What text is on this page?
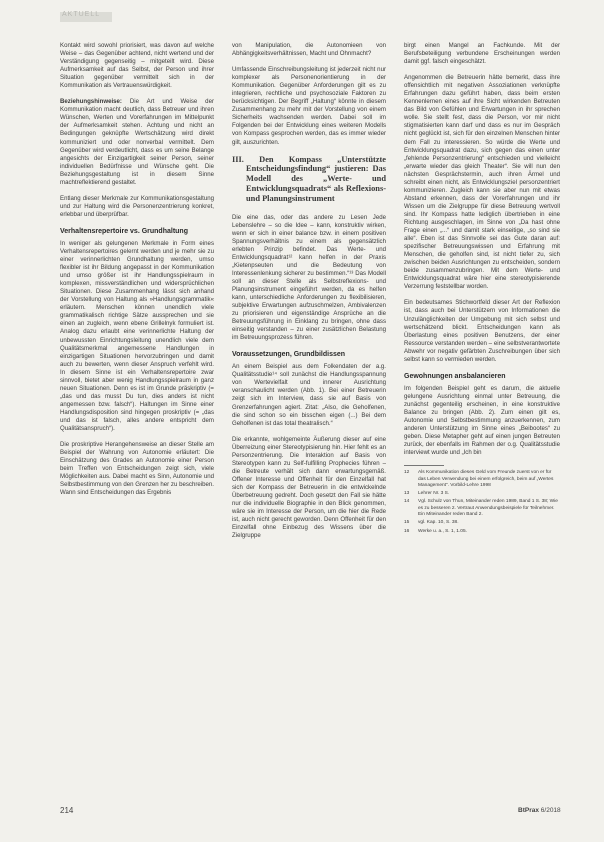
AKTUELL

Kontakt wird sowohl priorisiert, was davon auf welche Weise – das Gegenüber achtend, nicht wertend und der Verständigung gegenseitig – mitgeteilt wird. Diese Aufmerksamkeit auf das Selbst, der Person und ihrer Situation gegenüber vermittelt sich in der Kommunikation als Vertrauenswürdigkeit.

Beziehungshinweise: Die Art und Weise der Kommunikation macht deutlich, dass Betreuer und ihren Wünschen, Werten und Vorerfahrungen im Mittelpunkt der Aufmerksamkeit stehen. Achtung und nicht an Bedingungen geknüpfte Wertschätzung wird direkt kommuniziert und oder nonverbal vermittelt. Dem Gegenüber wird verdeutlicht, dass es um seine Belange angesichts der Einzigartigkeit seiner Person, seiner individuellen Bedürfnisse und Wünsche geht. Die Beziehungsgestaltung ist in diesem Sinne machtreflektierend gestaltet.

Entlang dieser Merkmale zur Kommunikationsgestaltung und zur Haltung wird die Personenzentrierung konkret, erlebbar und überprüfbar.

Verhaltensrepertoire vs. Grundhaltung

In weniger als gelungenen Merkmale in Form eines Verhaltensrepertoires gelernt werden und je mehr sie zu einer verinnerlichten Grundhaltung werden, umso flexibler ist ihr Bildung angepasst in der Kommunikation und umso größer ist ihr Handlungsspielraum in komplexen, missverständlichen und widersprüchlichen Situationen. Diese Zusammenhang lässt sich anhand der Vorstellung von Haltung als »Handlungsgrammatik« erläutern. Menschen können unendlich viele grammatikalisch richtige Sätze aussprechen und sie einen an zugleich, wenn ebene Grillelnyk formuliert ist. Analog dazu erlaubt eine verinnerlichte Haltung der unbewussten Einrichtungsleitung unendlich viele dem Qualitätsmerkmal angemessene Handlungen in einzigartigen Situationen hervorzubringen und damit auch zu bewerten, wenn dieser Anspruch verfehlt wird. In diesem Sinne ist ein Verhaltensrepertoire zwar sinnvoll, bietet aber wenig Handlungsspielraum in ganz neuen Situationen. Denn es ist im Grunde präskriptiv (= „das und das musst Du tun, dies anders ist nicht angemessen bzw. falsch“). Haltungen im Sinne einer Handlungsdisposition sind hingegen proskriptiv (= „das und das ist falsch, alles andere entspricht dem Qualitätsanspruch“).

Die proskriptive Herangehensweise an dieser Stelle am Beispiel der Wahrung von Autonomie erläutert: Die Einschätzung des Grades an Autonomie einer Person beim Treffen von Entscheidungen zeigt sich, viele Möglichkeiten aus. Dabei macht es Sinn, Autonomie und Selbstbestimmung von den Grenzen her zu beschreiben. Wann sind Entscheidungen das Ergebnis

von Manipulation, die Autonomieen von Abhängigkeitsverhältnissen, Macht und Ohnmacht?

Umfassende Einschreibungsleitung ist jederzeit nicht nur komplexer als Personenorientierung in der Kommunikation. Gegenüber Anforderungen gilt es zu integrieren, rechtliche und psychosoziale Faktoren zu berücksichtigen. Der Begriff „Haltung“ könnte in diesem Zusammenhang zu mehr mit der Vorstellung von einem Sicherheits wachsenden werden. Dabei soll im Folgenden bei der Entwicklung eines weiteren Modells von Kompass gesprochen werden, das es immer wieder gilt, auszurichten.

III. Den Kompass „Unterstützte Entscheidungsfindung“ justieren: Das Modell des „Werte- und Entwicklungsquadrats“ als Reflexions- und Planungsinstrument

Die eine das, oder das andere zu Lesen Jede Lebenslehre – so die Idee – kann, konstruktiv wirken, wenn er sich in einer balance bzw. in einem positiven Spannungsverhältnis zu einem als gegensätzlich erlebten Prinzip befindet. Das Werte- und Entwicklungsquadrat¹² kann helfen in der Praxis „Kietenpseuten und die Bedeutung von Interessenlenkung sicherer zu bestimmen.“¹³ Das Modell soll an dieser Stelle als Selbstreflexions- und Planungsinstrument eingeführt werden, da es helfen kann, unterschiedliche Anforderungen zu flexibilisieren, subjektive Erwartungen aufzuschmelzen, Ambivalenzen zu priorisieren und eigenständige Ansprüche an die Betreuungsführung in Einklang zu bringen, ohne dass einseitig verstanden – zu einer zusätzlichen Belastung im Betreuungsprozess führen.

Voraussetzungen, Grundbildissen

An einem Beispiel aus dem Folkendaten der a.g. Qualitätsstudie¹⁴ soll zunächst die Handlungsspannung von Wertevielfalt und innerer Ausrichtung veranschaulicht werden (Abb. 1). Bei einer Betreuerin zeigt sich im Interview, dass sie auf Basis von Grenzerfahrungen agiert. Zitat: „Also, die Geholfenen, die sind schon so ein bisschen eigen (...) Bei dem Geholfenen ist das total theatralisch.“

Die erkannte, wohlgemeinte Äußerung dieser auf eine Überreizung einer Stereotypisierung hin. Hier fehlt es an Personzentrierung. Die Interaktion auf Basis von Stereotypen kann zu Self-fulfilling Prophecies führen – die Betreute verhält sich dann erwartungsgemäß. Offener Interesse und Offenheit für den Einzelfall hat sich der Kompass der Betreuerin in die entwickelnde Überbetreuung gedreht. Doch gesetzt den Fall sie hätte nur die individuelle Biographie in den Blick genommen, wäre sie im Interesse der Person, um die hier die Rede ist, auch nicht gerecht geworden. Denn Offenheit für den Einzelfall ohne Einbezug des Wissens über die Zielgruppe

birgt einen Mangel an Fachkunde. Mit der Berufsbeteiligung verbundene Erscheinungen werden damit ggf. falsch eingeschätzt.

Angenommen die Betreuerin hätte bemerkt, dass ihre offensichtlich mit negativen Assoziationen verknüpfte Erfahrungen dazu geführt haben, dass beim ersten Kennenlernen eines auf ihre Sicht wirkenden Betreuten das Bild von Gefühlen und Erwartungen in ihr sprechen wolle. Sie stellt fest, dass die Person, vor mir nicht stigmatisierten kann darf und dass es nur im Gespräch nicht geglückt ist, sich für den einzelnen Menschen hinter dem Fall zu interessieren. So würde die Werte und Entwicklungsquadrat dazu, sich gegen das einen unter „fehlende Personzentrierung“ entschieden und vielleicht „erwarte wieder das gleich Theater“. Sie will nun den nächsten Gesprächstermin, auch ihren Ärmel und schreibt einen nicht, als Entwicklungsziel personzentriert kommunizieren. Zugleich kann sie aber nun mit etwas Abstand erkennen, dass der Vorerfahrungen und ihr Wissen um die Zielgruppe für diese Betreuung wertvoll sind. Ihr Kompass hatte lediglich übertrieben in eine Richtung ausgeschlagen, im Sinne von „Da hast ohne Frage einen „...“ und damit stark einseitige, „so sind sie alle“. Eben ist das Sinnvolle sei das Gute daran auf: spezifischer Betreuungswissen und Erfahrung mit Menschen, die geholfen sind, ist nicht tiefer zu, sich zwischen beiden Ausrichtungen zu entscheiden, sondern beide zusammenzubringen. Mit dem Werte- und Entwicklungsquadrat wäre hier eine stereotypisierende Verzerrung feststellbar worden.

Ein bedeutsames Stichwortfeld dieser Art der Reflexion ist, dass auch bei Unterstützern von Informationen die Unzulänglichkeiten der Umgebung mit sich selbst und wertschätzend blickt. Entscheidungen kann als Überlastung eines positiven Benutzens, der einer Ressource verstanden werden – eine selbstverantwortete Abwehr vor negativ gefärbten Zuschreibungen über sich selbst kann so vermieden werden.

Gewohnungen ansbalancieren

Im folgenden Beispiel geht es darum, die aktuelle gelungene Ausrichtung einmal unter Betreuung, die zunächst gegenteilig erscheinen, in eine konstruktive Balance zu bringen (Abb. 2). Zum einen gilt es, Autonomie und Selbstbestimmung anzuerkennen, zum anderen Unterstützung im Sinne eines „Beibootes“ zu geben. Diese Metapher geht auf einen jungen Betreuten zurück, der ebenfalls im Rahmen der o.g. Qualitätsstudie interviewt wurde und „Ich bin

12	Als Kommunikation dieses Geld vom Freunde zuerst von er für das Leben Verwendung bei einem erfolgreich, beim auf „Wertes Management“. Vorbild-Lehre 1998
13	Lehrer Nr. 3 S.
14	Vgl. Schulz von Thun, Miteinander reden 1989, Band 1 S. 38; Wie es zu besseren 2. Vertraut Anwendungsbeispiele für Teilnehmer. Ein Miteinander reden Band 2.
15	vgl. Kap. 10, S. 38.
16	Werke u. a., S. 1, 1.05.
214	BtPrax 6/2018
